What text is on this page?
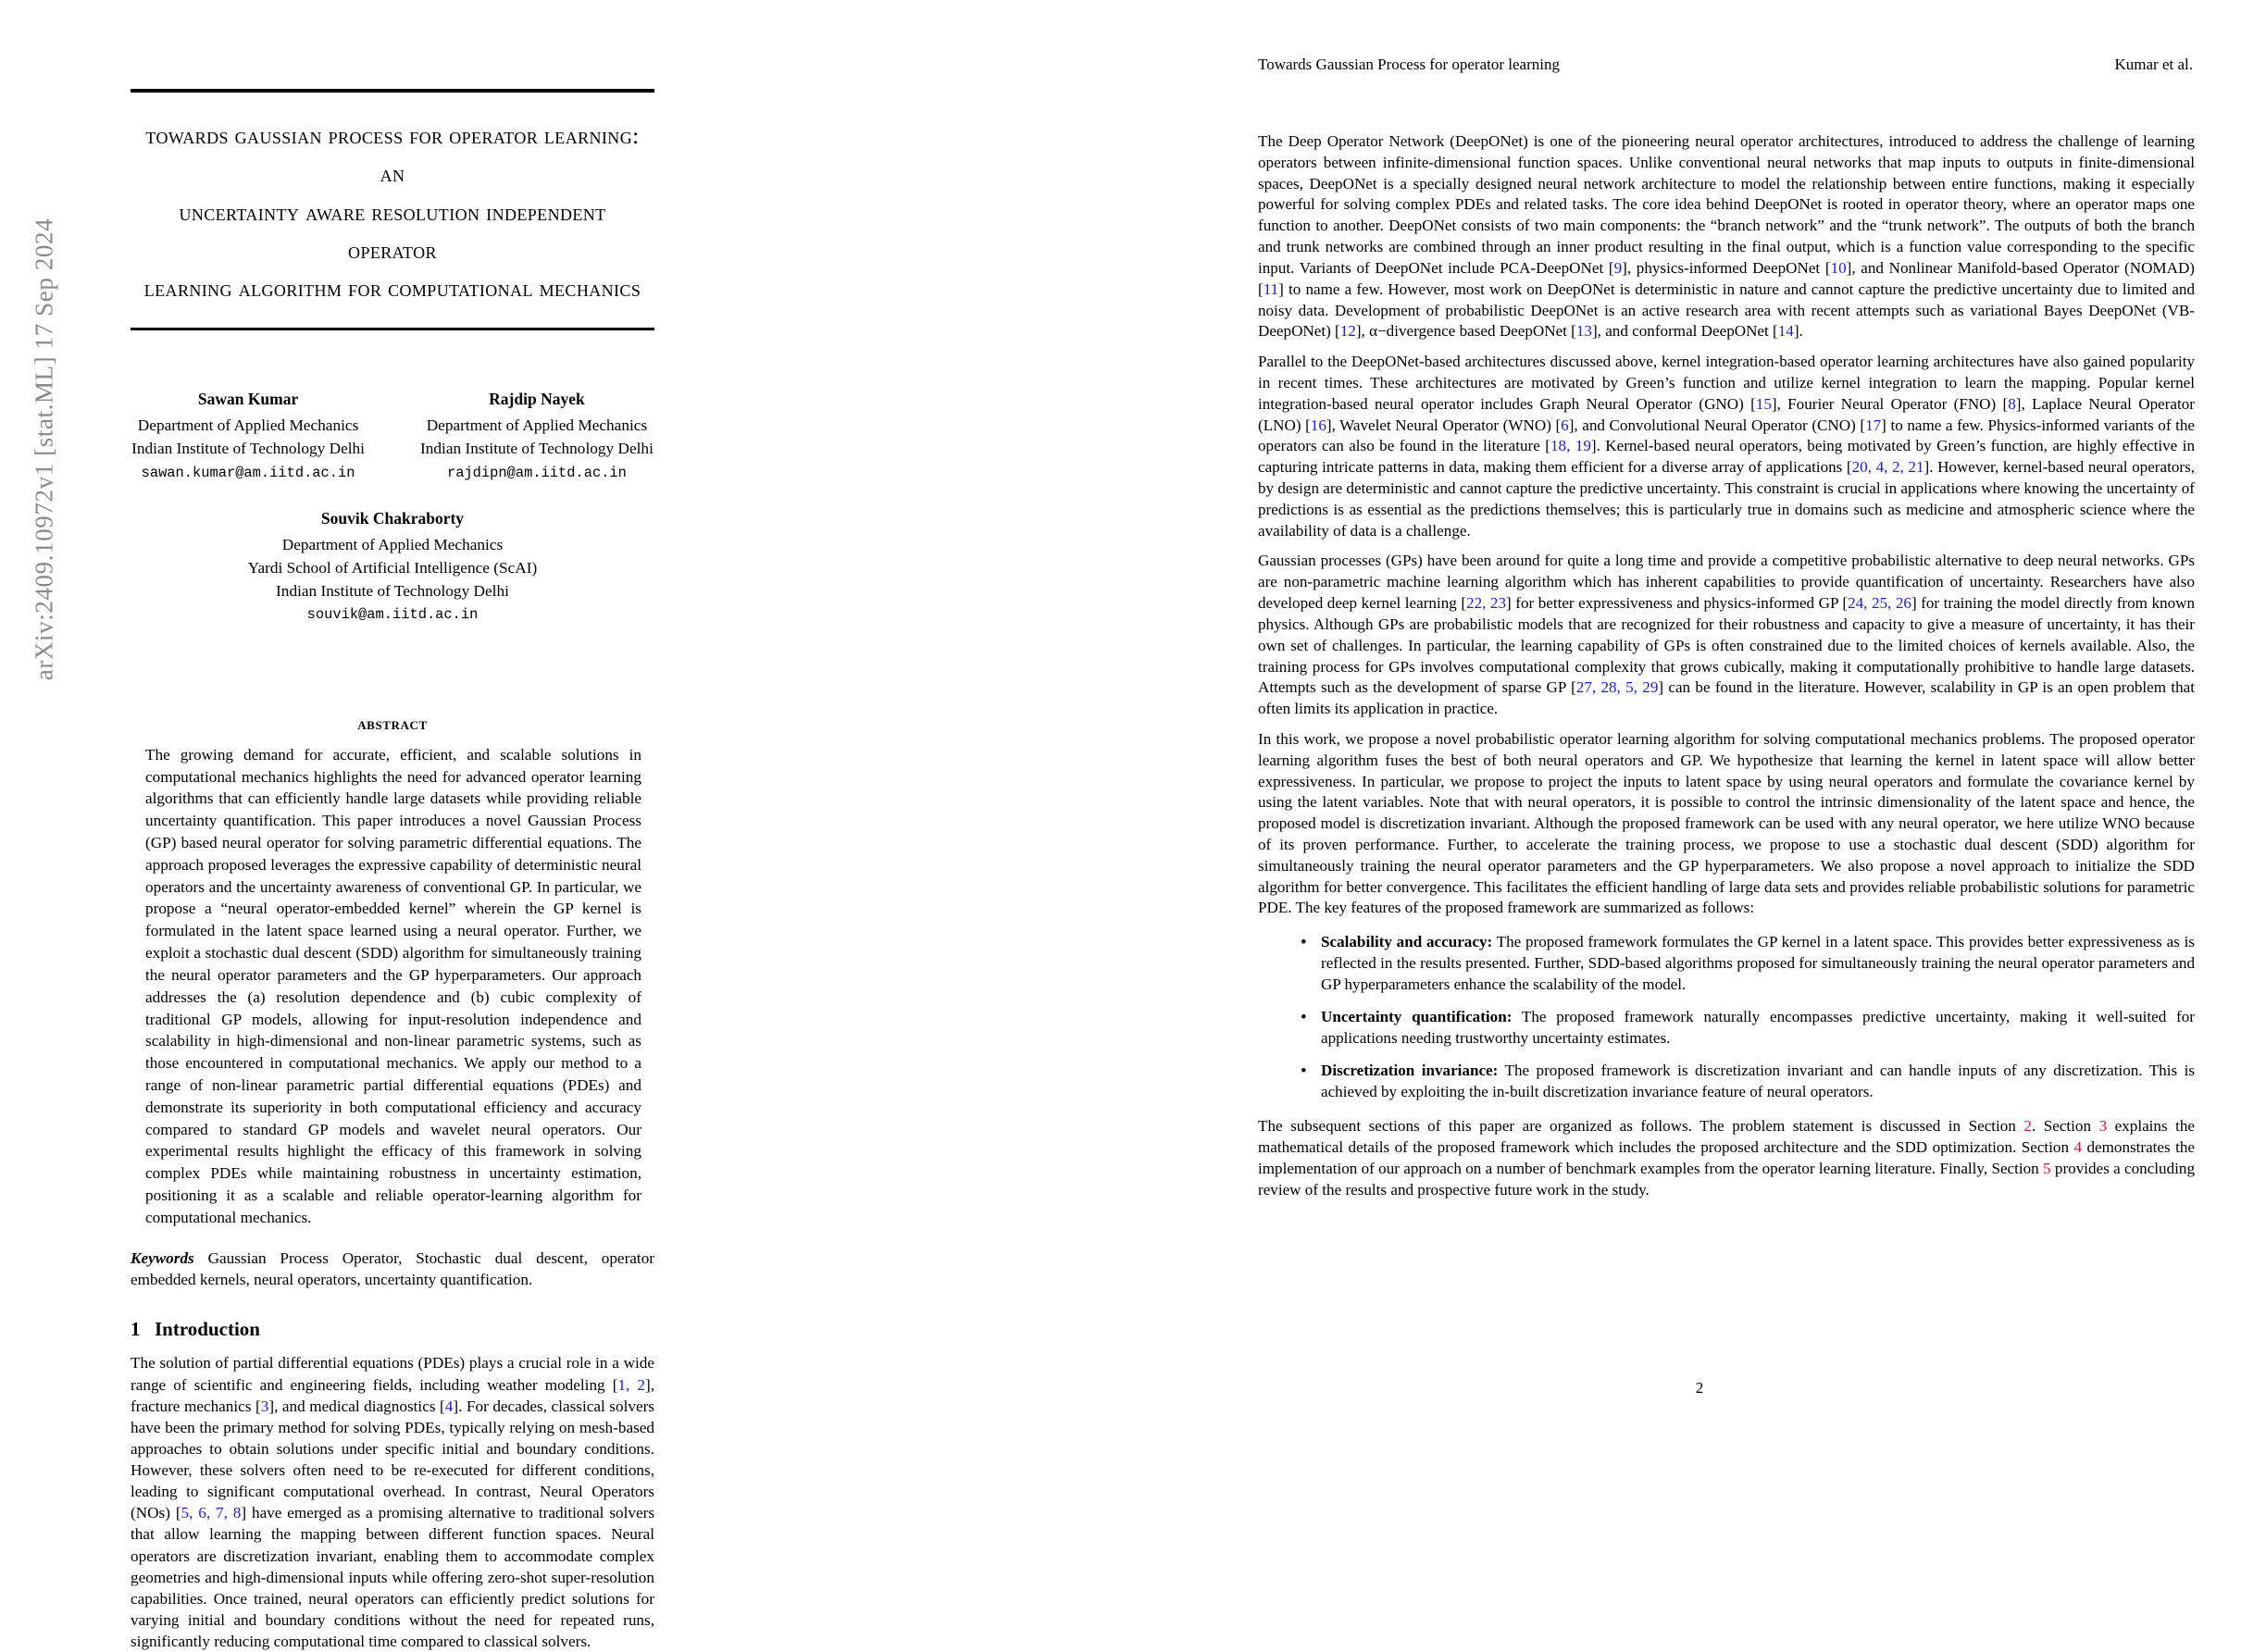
arXiv:2409.10972v1 [stat.ML] 17 Sep 2024
towards gaussian process for operator learning: an
uncertainty aware resolution independent operator
learning algorithm for computational mechanics
Sawan Kumar
Department of Applied Mechanics
Indian Institute of Technology Delhi
sawan.kumar@am.iitd.ac.in
Rajdip Nayek
Department of Applied Mechanics
Indian Institute of Technology Delhi
rajdipn@am.iitd.ac.in
Souvik Chakraborty
Department of Applied Mechanics
Yardi School of Artificial Intelligence (ScAI)
Indian Institute of Technology Delhi
souvik@am.iitd.ac.in
abstract
The growing demand for accurate, efficient, and scalable solutions in computational mechanics highlights the need for advanced operator learning algorithms that can efficiently handle large datasets while providing reliable uncertainty quantification. This paper introduces a novel Gaussian Process (GP) based neural operator for solving parametric differential equations. The approach proposed leverages the expressive capability of deterministic neural operators and the uncertainty awareness of conventional GP. In particular, we propose a “neural operator-embedded kernel” wherein the GP kernel is formulated in the latent space learned using a neural operator. Further, we exploit a stochastic dual descent (SDD) algorithm for simultaneously training the neural operator parameters and the GP hyperparameters. Our approach addresses the (a) resolution dependence and (b) cubic complexity of traditional GP models, allowing for input-resolution independence and scalability in high-dimensional and non-linear parametric systems, such as those encountered in computational mechanics. We apply our method to a range of non-linear parametric partial differential equations (PDEs) and demonstrate its superiority in both computational efficiency and accuracy compared to standard GP models and wavelet neural operators. Our experimental results highlight the efficacy of this framework in solving complex PDEs while maintaining robustness in uncertainty estimation, positioning it as a scalable and reliable operator-learning algorithm for computational mechanics.
Keywords Gaussian Process Operator, Stochastic dual descent, operator embedded kernels, neural operators, uncertainty quantification.
1 Introduction
The solution of partial differential equations (PDEs) plays a crucial role in a wide range of scientific and engineering fields, including weather modeling [1, 2], fracture mechanics [3], and medical diagnostics [4]. For decades, classical solvers have been the primary method for solving PDEs, typically relying on mesh-based approaches to obtain solutions under specific initial and boundary conditions. However, these solvers often need to be re-executed for different conditions, leading to significant computational overhead. In contrast, Neural Operators (NOs) [5, 6, 7, 8] have emerged as a promising alternative to traditional solvers that allow learning the mapping between different function spaces. Neural operators are discretization invariant, enabling them to accommodate complex geometries and high-dimensional inputs while offering zero-shot super-resolution capabilities. Once trained, neural operators can efficiently predict solutions for varying initial and boundary conditions without the need for repeated runs, significantly reducing computational time compared to classical solvers.
Towards Gaussian Process for operator learning	Kumar et al.
The Deep Operator Network (DeepONet) is one of the pioneering neural operator architectures, introduced to address the challenge of learning operators between infinite-dimensional function spaces. Unlike conventional neural networks that map inputs to outputs in finite-dimensional spaces, DeepONet is a specially designed neural network architecture to model the relationship between entire functions, making it especially powerful for solving complex PDEs and related tasks. The core idea behind DeepONet is rooted in operator theory, where an operator maps one function to another. DeepONet consists of two main components: the “branch network” and the “trunk network”. The outputs of both the branch and trunk networks are combined through an inner product resulting in the final output, which is a function value corresponding to the specific input. Variants of DeepONet include PCA-DeepONet [9], physics-informed DeepONet [10], and Nonlinear Manifold-based Operator (NOMAD) [11] to name a few. However, most work on DeepONet is deterministic in nature and cannot capture the predictive uncertainty due to limited and noisy data. Development of probabilistic DeepONet is an active research area with recent attempts such as variational Bayes DeepONet (VB-DeepONet) [12], α−divergence based DeepONet [13], and conformal DeepONet [14].
Parallel to the DeepONet-based architectures discussed above, kernel integration-based operator learning architectures have also gained popularity in recent times. These architectures are motivated by Green’s function and utilize kernel integration to learn the mapping. Popular kernel integration-based neural operator includes Graph Neural Operator (GNO) [15], Fourier Neural Operator (FNO) [8], Laplace Neural Operator (LNO) [16], Wavelet Neural Operator (WNO) [6], and Convolutional Neural Operator (CNO) [17] to name a few. Physics-informed variants of the operators can also be found in the literature [18, 19]. Kernel-based neural operators, being motivated by Green’s function, are highly effective in capturing intricate patterns in data, making them efficient for a diverse array of applications [20, 4, 2, 21]. However, kernel-based neural operators, by design are deterministic and cannot capture the predictive uncertainty. This constraint is crucial in applications where knowing the uncertainty of predictions is as essential as the predictions themselves; this is particularly true in domains such as medicine and atmospheric science where the availability of data is a challenge.
Gaussian processes (GPs) have been around for quite a long time and provide a competitive probabilistic alternative to deep neural networks. GPs are non-parametric machine learning algorithm which has inherent capabilities to provide quantification of uncertainty. Researchers have also developed deep kernel learning [22, 23] for better expressiveness and physics-informed GP [24, 25, 26] for training the model directly from known physics. Although GPs are probabilistic models that are recognized for their robustness and capacity to give a measure of uncertainty, it has their own set of challenges. In particular, the learning capability of GPs is often constrained due to the limited choices of kernels available. Also, the training process for GPs involves computational complexity that grows cubically, making it computationally prohibitive to handle large datasets. Attempts such as the development of sparse GP [27, 28, 5, 29] can be found in the literature. However, scalability in GP is an open problem that often limits its application in practice.
In this work, we propose a novel probabilistic operator learning algorithm for solving computational mechanics problems. The proposed operator learning algorithm fuses the best of both neural operators and GP. We hypothesize that learning the kernel in latent space will allow better expressiveness. In particular, we propose to project the inputs to latent space by using neural operators and formulate the covariance kernel by using the latent variables. Note that with neural operators, it is possible to control the intrinsic dimensionality of the latent space and hence, the proposed model is discretization invariant. Although the proposed framework can be used with any neural operator, we here utilize WNO because of its proven performance. Further, to accelerate the training process, we propose to use a stochastic dual descent (SDD) algorithm for simultaneously training the neural operator parameters and the GP hyperparameters. We also propose a novel approach to initialize the SDD algorithm for better convergence. This facilitates the efficient handling of large data sets and provides reliable probabilistic solutions for parametric PDE. The key features of the proposed framework are summarized as follows:
• Scalability and accuracy: The proposed framework formulates the GP kernel in a latent space. This provides better expressiveness as is reflected in the results presented. Further, SDD-based algorithms proposed for simultaneously training the neural operator parameters and GP hyperparameters enhance the scalability of the model.
• Uncertainty quantification: The proposed framework naturally encompasses predictive uncertainty, making it well-suited for applications needing trustworthy uncertainty estimates.
• Discretization invariance: The proposed framework is discretization invariant and can handle inputs of any discretization. This is achieved by exploiting the in-built discretization invariance feature of neural operators.
The subsequent sections of this paper are organized as follows. The problem statement is discussed in Section 2. Section 3 explains the mathematical details of the proposed framework which includes the proposed architecture and the SDD optimization. Section 4 demonstrates the implementation of our approach on a number of benchmark examples from the operator learning literature. Finally, Section 5 provides a concluding review of the results and prospective future work in the study.
2
